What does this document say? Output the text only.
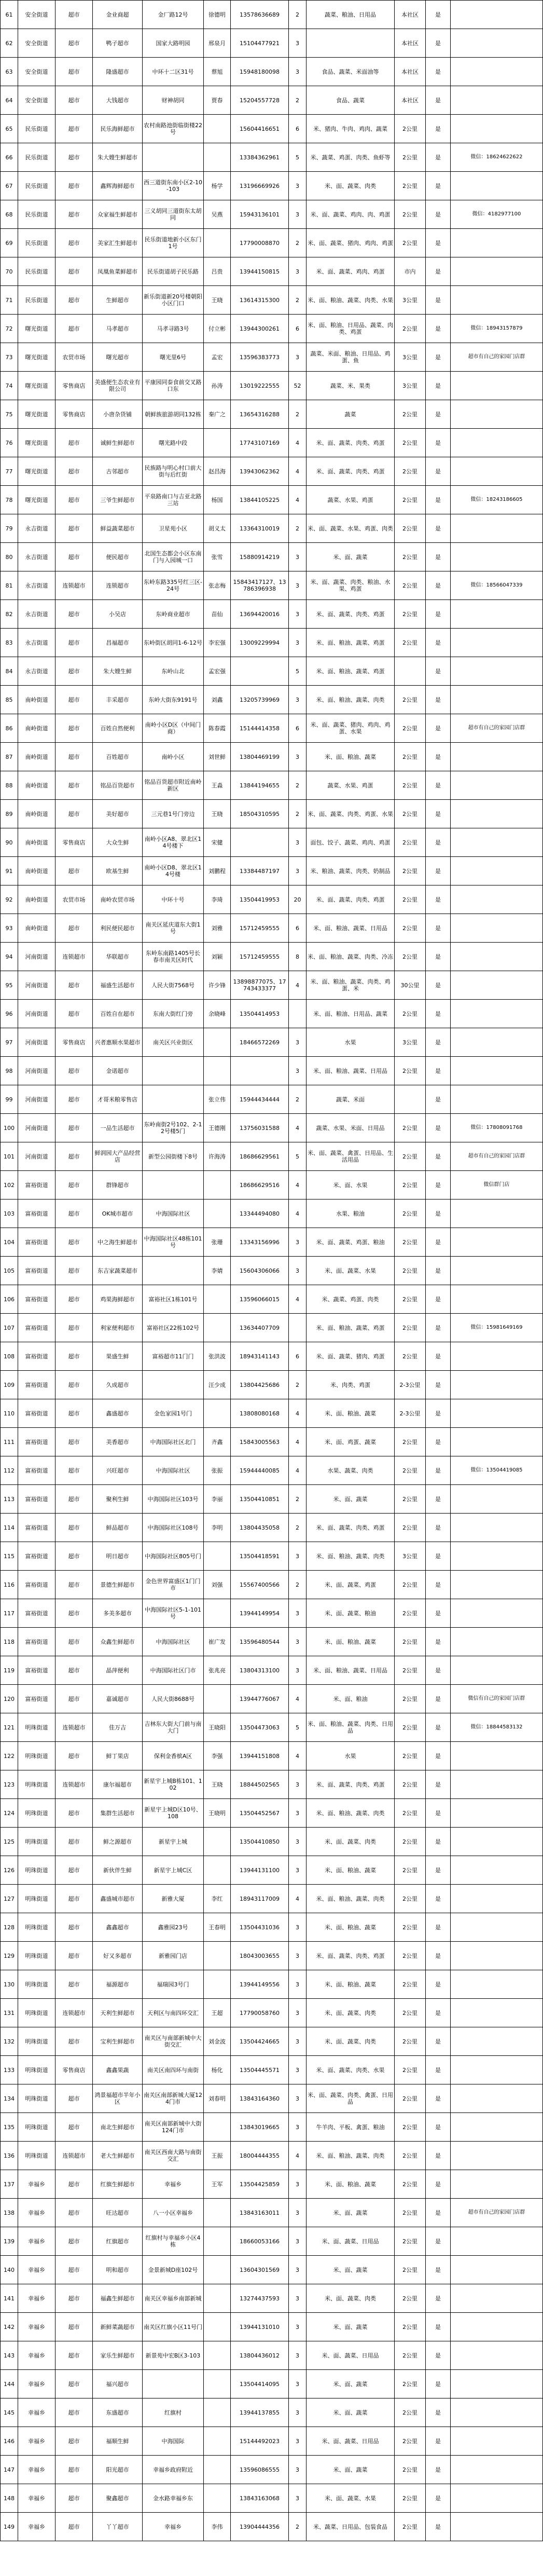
61	安全街道	超市	金业商超	金厂路12号	徐德明	13578636689	2	蔬菜、粮油、日用品	本社区	是	
62	安全街道	超市	鸭子超市	国家大路明园	邢泉月	15104477921	3		本社区	是	
63	安全街道	超市	隆盛超市	中环十二区31号	蔡旭	15948180098	3	食品、蔬菜、米面油等	本社区	是	
64	安全街道	超市	大钱超市	财神胡同	贾春	15204557728	2	食品、蔬菜	本社区	是	
65	民乐街道	超市	民乐海鲜超市	农村南路池街临街楼22号		15604416651	6	米、猪肉、牛肉、鸡肉、蔬菜	2公里	是	
66	民乐街道	超市	朱大嫂生鲜超市			13384362961	5	米、蔬菜、鸡蛋、肉类、鱼虾等	2公里	是	微信：18624622622
67	民乐街道	超市	鑫辉海鲜超市	西三道街东南小区2-10-103	杨学	13196669926	3	米、面、蔬菜、肉类	2公里	是	
68	民乐街道	超市	众家福生鲜超市	三义胡同三道街东太胡同	吴燕	15943136101	3	米、面、蔬菜、鸡肉、肉、鸡蛋	2公里	是	微信：4182977100
69	民乐街道	超市	美家汇生鲜超市	民乐街道地新小区东门1号		17790008870	2	米、面、蔬菜、猪肉、鸡肉、鸡蛋	2公里	是	
70	民乐街道	超市	凤凰鱼菜鲜超市	民乐街道胡子民乐路	吕贵	13944150815	3	米、面、蔬菜、鸡肉、鸡蛋	市内	是	
71	民乐街道	超市	生鲜超市	新乐街道新20号楼朝阳小区门口	王晓	13614315300	2	米、面、粮油、蔬菜、肉类、水果	3公里	是	
72	曙光街道	超市	马孝超市	马孝寻路3号	付立彬	13944300261	6	米、面、粮油、日用品、蔬菜、肉类、鸡蛋	2公里	是	微信：18943157879
73	曙光街道	农贸市场	曙光超市	曙光里6号	孟宏	13596383773	3	蔬菜、米面、粮油、日用品、鸡蛋、鱼	3公里	是	超市有自己的家园门店群
74	曙光街道	零售商店	美盛便生态农业有限公司	平康园同泰食前交叉路口东	孙涛	13019222555	52	蔬菜、米、果类	3公里	是	
75	曙光街道	零售商店	小唐杂货铺	朝鲜族旅游胡同132栋	秦广之	13654316288	2	蔬菜	2公里	是	
76	曙光街道	超市	诚鲜生鲜超市	曙光路中段		17743107169	4	米、面、蔬菜、肉类、鸡蛋	2公里	是	
77	曙光街道	超市	古邻超市	民族路与明心村口前大街与后红街	赵昌海	13943062362	4	米、面、蔬菜、肉类、鸡蛋	2公里	是	
78	曙光街道	超市	三爷生鲜超市	平泉路南口与吉亚北路三站	杨国	13844105225	4	蔬菜、水果、鸡蛋	2公里	是	微信：18243186605
79	永吉街道	超市	鲜益蔬菜超市	卫星苑小区	胡义太	13364310019	2	米、面、蔬菜、水果、鸡蛋、肉类	2公里	是	
80	永吉街道	超市	便民超市	北国生态都会小区东南门与入园城一口	张雪	15880914219	3	米、面、蔬菜	2公里	是	
81	永吉街道	连锁超市	连锁超市	东岭东路335号红三区-24号	张志梅	15843417127、13786396938	3	米、面、蔬菜、肉类、粮油、水果、鸡蛋	2公里	是	微信：18566047339
82	永吉街道	超市	小吴店	东岭商业超市	苗仙	13694420016	3	米、面、蔬菜、肉类、鸡蛋	2公里	是	
83	永吉街道	超市	昌福超市	东岭街区胡同1-6-12号	李宏强	13009229994	3	米、面、粮油、蔬菜、鸡蛋	2公里	是	
84	永吉街道	超市	朱大嫂生鲜	东岭山北	孟宏强		5	米、面、粮油、蔬菜、鸡蛋		是	
85	南岭街道	超市	丰采超市	东岭大街东9191号	刘鑫	13205739969	3	米、面、粮油、蔬菜、肉类	2公里	是	
86	南岭街道	超市	百姓自然便利	南岭小区D区（中间门商）	陈春霞	15144414358	6	米、面、蔬菜、猪肉、鸡肉、鸡蛋、水果	2公里	是	超市有自己的家园门店群
87	南岭街道	超市	百姓超市	南岭小区	刘世鲜	13804469199	3	米、面、粮油、蔬菜	2公里	是	
88	南岭街道	超市	铭品百货超市	铭品百货超市附近南岭新区	王淼	13844194655	2	蔬菜、水果、鸡蛋	2公里	是	
89	南岭街道	超市	美好超市	三元巷1号门旁边	王晓	18504310595	2	米、面、蔬菜、肉类、鸡蛋、水果	2公里	是	
90	南岭街道	零售商店	大众生鲜	南岭小区A8、翠北区14号楼下	宋健		3	面包、饺子、蔬菜、鸡肉、鸡蛋	2公里	是	
91	南岭街道	超市	欧基生鲜	南岭小区D8、翠北区14号楼	刘鹏程	13384487197	3	米、粮油、蔬菜、肉类、奶制品	2公里	是	
92	南岭街道	农贸市场	南岭农贸市场	中环十号	李琦	13504419953	20	米、面、蔬菜、肉类、鸡蛋	2公里	是	
93	南岭街道	超市	利民便民超市	南关区延庆道东大街1号	刘雅	15712459555	6	米、面、粮油、蔬菜、日用品	2公里	是	
94	河南街道	连锁超市	华联超市	东岭东南路1405号长春市南关区时代	刘颖	15712459555	8	米、面、粮油、蔬菜、肉类、冷冻	2公里	是	
95	河南街道	超市	福盛生活超市	人民大街7568号	许少锋	13898877075、17743433377	4	米、面、粮油、蔬菜、肉类、鸡蛋、米	30公里	是	
96	河南街道	超市	百姓自在超市	东南大街红门旁	余晓峰	13504414953		米、面、粮油、日用品、蔬菜	2公里	是	
97	河南街道	零售商店	兴者惠顺水果超市	南关区兴业街区		18466572269	3	水果	3公里	是	
98	河南街道	超市	金诺超市				3	米、面、粮油、蔬菜、日用品	2公里	是	
99	河南街道	超市	才哥米粮零售店		张立伟	15944434444	2	蔬菜、米面		是	
100	河南街道	超市	一品生活超市	东岭南街2号102、2-12号楼5门	王德刚	13756031588	4	蔬菜、水果、米面、日用品	2公里	是	微信：17808091768
101	河南街道	超市	鲜润园大产品经营店	新型公园街楼下8号	许海涛	18686629561	5	米、面、蔬菜、禽蛋、日用品、生活用品	2公里	是	超市有自己的家园门店群
102	富裕街道	超市	群锋超市			18686629516	4	米、面、水果	2公里	是	微信群门店
103	富裕街道	超市	OK城市超市	中海国际社区		13344494080	4	水果、粮油	2公里	是	
104	富裕街道	超市	中之海生鲜超市	中海国际社区48栋101号	张珊	13343156996	3	米、面、蔬菜、鸡蛋、粮油	2公里	是	
105	富裕街道	超市	东吉家蔬菜超市		李婧	15604306066	3	米、面、蔬菜、水果	2公里	是	
106	富裕街道	超市	鸡果海鲜超市	富裕社区1栋101号		13596066015	4	米、蔬菜、鸡蛋、肉类	2公里	是	
107	富裕街道	超市	利家便利超市	富裕社区22栋102号		13634407709		米、面、粮油、蔬菜、鸡蛋	2公里	是	微信：15981649169
108	富裕街道	超市	果盛生鲜	富裕超市11门门	张洪波	18943141143	6	米、面、蔬菜、猪肉、鸡蛋	2公里	是	
109	富裕街道	超市	久成超市		汪少成	13804425686	2	米、肉类、鸡蛋	2-3公里	是	
110	富裕街道	超市	鑫盛超市	金色家园1号门		13808080168	4	米、面、粮油、蔬菜	2-3公里	是	
111	富裕街道	超市	美香超市	中海国际社区北门	齐鑫	15843005563	4	米、面、鸡蛋、蔬菜	2公里	是	
112	富裕街道	超市	兴旺超市	中海国际社区	张振	15944440085	4	水果、蔬菜、肉类	2公里	是	微信：13504419085
113	富裕街道	超市	聚利生鲜	中海国际社区103号	李丽	13504410851	2	米、面、蔬菜	2公里	是	
114	富裕街道	超市	鲜品超市	中海国际社区108号	李明	13804435058	2	米、面、蔬菜、肉类、鸡蛋	2公里	是	
115	富裕街道	超市	明日超市	中海国际社区805号门		13504418591	3	米、面、粮油、蔬菜、肉类	3公里	是	
116	富裕街道	超市	景德生鲜超市	金色世界富盛区1门门市	刘强	15567400566	2	米、面、蔬菜、鸡蛋	2公里	是	
117	富裕街道	超市	多美多超市	中海国际社区5-1-101号		13944149954	3	米、面、蔬菜、粮油	2公里	是	
118	富裕街道	超市	众鑫生鲜超市	中海国际社区	崔广发	13596480544	3	米、面、粮油、蔬菜	2公里	是	
119	富裕街道	超市	晶萍便利	中海国际社区门市	张兆亮	13804313100	3	米、面、粮油、蔬菜、日用品	2公里	是	
120	富裕街道	超市	嘉诚超市	人民大街8688号		13944776067	4	米、面、粮油	2公里	是	微信有自己的家园门店群
121	明珠街道	连锁超市	佳万吉	吉林东大街大门前与南大门	王晓阳	13504473063	5	米、面、粮油、蔬菜、肉类、日用品	2公里	是	微信：18844583132
122	明珠街道	超市	鲜丁果店	保利金香槟A区	李强	13944151808	4	水果	2公里	是	
123	明珠街道	连锁超市	康尔福超市	新星宇上城B栋101、102	王晓	18844502565	3	米、面、蔬菜、肉类、鸡蛋	2公里	是	
124	明珠街道	超市	集群生活超市	新星宇上城D区10号、108	王晓明	13504452567	3	米、面、粮油、蔬菜、肉类	2公里	是	
125	明珠街道	超市	鲜之源超市	新星宇上城		13504410850	3	米、面、蔬菜、肉类	2公里	是	
126	明珠街道	超市	新伙伴生鲜	新星宇上城C区		13944131100	3	米、面、粮油、蔬菜	2公里	是	
127	明珠街道	超市	鑫盛城市超市	新雅大厦	李红	18943117009	4	米、面、粮油、蔬菜、肉类	2公里	是	
128	明珠街道	超市	鑫鑫超市	鑫雅园23号	王春明	13504431036	3	米、面、粮油、蔬菜	2公里	是	
129	明珠街道	超市	好又多超市	新雅园门店		18043003655	3	米、面、蔬菜、肉类、鸡蛋	2公里	是	
130	明珠街道	超市	福源超市	福瑞园3号门		13944149556	3	米、面、粮油、蔬菜	2公里	是	
131	明珠街道	连锁超市	天利生鲜超市	天利区与南四环交汇	王超	17790058760	3	米、面、蔬菜、肉类	2公里	是	
132	明珠街道	超市	宝利生鲜超市	南关区与南部新城中大街交汇	刘金波	13504424665	3	米、面、蔬菜、肉类	2公里	是	
133	明珠街道	零售商店	鑫鑫果蔬	南关区南四环与南街	杨化	13504445571	3	米、面、蔬菜、肉类、水果	2公里	是	
134	明珠街道	超市	鸿景福超市半年小区	南关区南部新城大厦124门市	刘春明	13843164360	3	米、面、蔬菜、肉类、禽蛋、日用品	2公里	是	
135	明珠街道	超市	南北生鲜超市	南关区南部新城中大街124门市		13843019665	3	牛羊肉、平板、禽蛋、粮油	2公里	是	
136	明珠街道	连锁超市	老大生鲜超市	南关区西南大路与南街交汇	王振	18004444355	4	米、面、粮油、蔬菜、肉类	2公里	是	
137	幸福乡	超市	红旗生鲜超市	幸福乡	王军	13504425859	3	米、面、粮油、蔬菜	2公里	是	
138	幸福乡	超市	旺达超市	八一小区幸福乡		13843163011	3	米、面、蔬菜	2公里	是	超市有自己的家园门店群
139	幸福乡	超市	红旗超市	红旗村与幸福乡小区4栋		18660053166	3	米、面、蔬菜、日用品	2公里	是	
140	幸福乡	超市	明和超市	金景新城D座102号		13604301569	3	米、面、蔬菜	2公里	是	
141	幸福乡	超市	福鑫生鲜超市	南关区幸福乡南部新城		13274437593	3	米、面、蔬菜、肉类	2公里	是	
142	幸福乡	超市	新鲜菜蔬超市	南关区红旗小区11号门		13944131010	3	米、面、蔬菜	2公里	是	
143	幸福乡	超市	家乐生鲜超市	新景苑中宏B区3-103		13804436012	3	米、面、蔬菜、日用品	2公里	是	
144	幸福乡	超市	福兴超市			13504414095	3	米、面、蔬菜	2公里	是	
145	幸福乡	超市	东盛超市	红旗村		13944137855	3	米、面、蔬菜	2公里	是	
146	幸福乡	超市	福顺生鲜	中海国际		15144492023	3	米、面、蔬菜、日用品	2公里	是	
147	幸福乡	超市	阳光超市	幸福乡政府附近		13596086555	3	米、面、蔬菜	2公里	是	
148	幸福乡	超市	聚鑫超市	金水路幸福乡东		13843163068	3	米、面、蔬菜、水果	2公里	是	
149	幸福乡	超市	丫丫超市	幸福乡	李伟	13904444356	2	米、蔬菜、日用品、包装食品	2公里	是	
